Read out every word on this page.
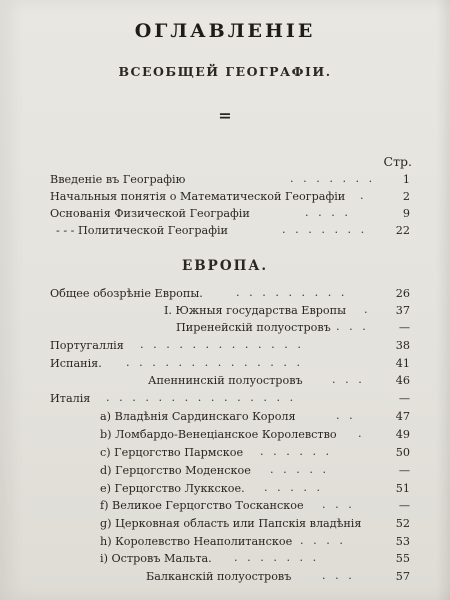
ОГЛАВЛЕНІЕ
ВСЕОБЩЕЙ ГЕОГРАФІИ.
=
Стр.
Введеніе въ Географію	. . . . . . .	1
Начальныя понятія о Математической Географіи .	2
Основанія Физической Географіи	. . . .	9
- - - Политической Географіи	. . . . . . .	22
ЕВРОПА.
Общее обозрѣніе Европы.	. . . . . . . . .	26
I. Южныя государства Европы .	37
Пиренейскій полуостровъ . . .	—
Португаллія . . . . . . . . . . . . .	38
Испанія. . . . . . . . . . . . . . .	41
Апеннинскій полуостровъ	. . .	46
Италія . . . . . . . . . . . . . . .	—
a) Владѣнія Сардинскаго Короля	. .	47
b) Ломбардо-Венеціанское Королевство .	49
c) Герцогство Пармское . . . . . .	50
d) Герцогство Моденское . . . . .	—
e) Герцогство Луккское. . . . . .	51
f) Великое Герцогство Тосканское . . .	—
g) Церковная область или Папскія владѣнія	52
h) Королевство Неаполитанское . . . .	53
i) Островъ Мальта. . . . . . . .	55
Балканскій полуостровъ	. . .	57
